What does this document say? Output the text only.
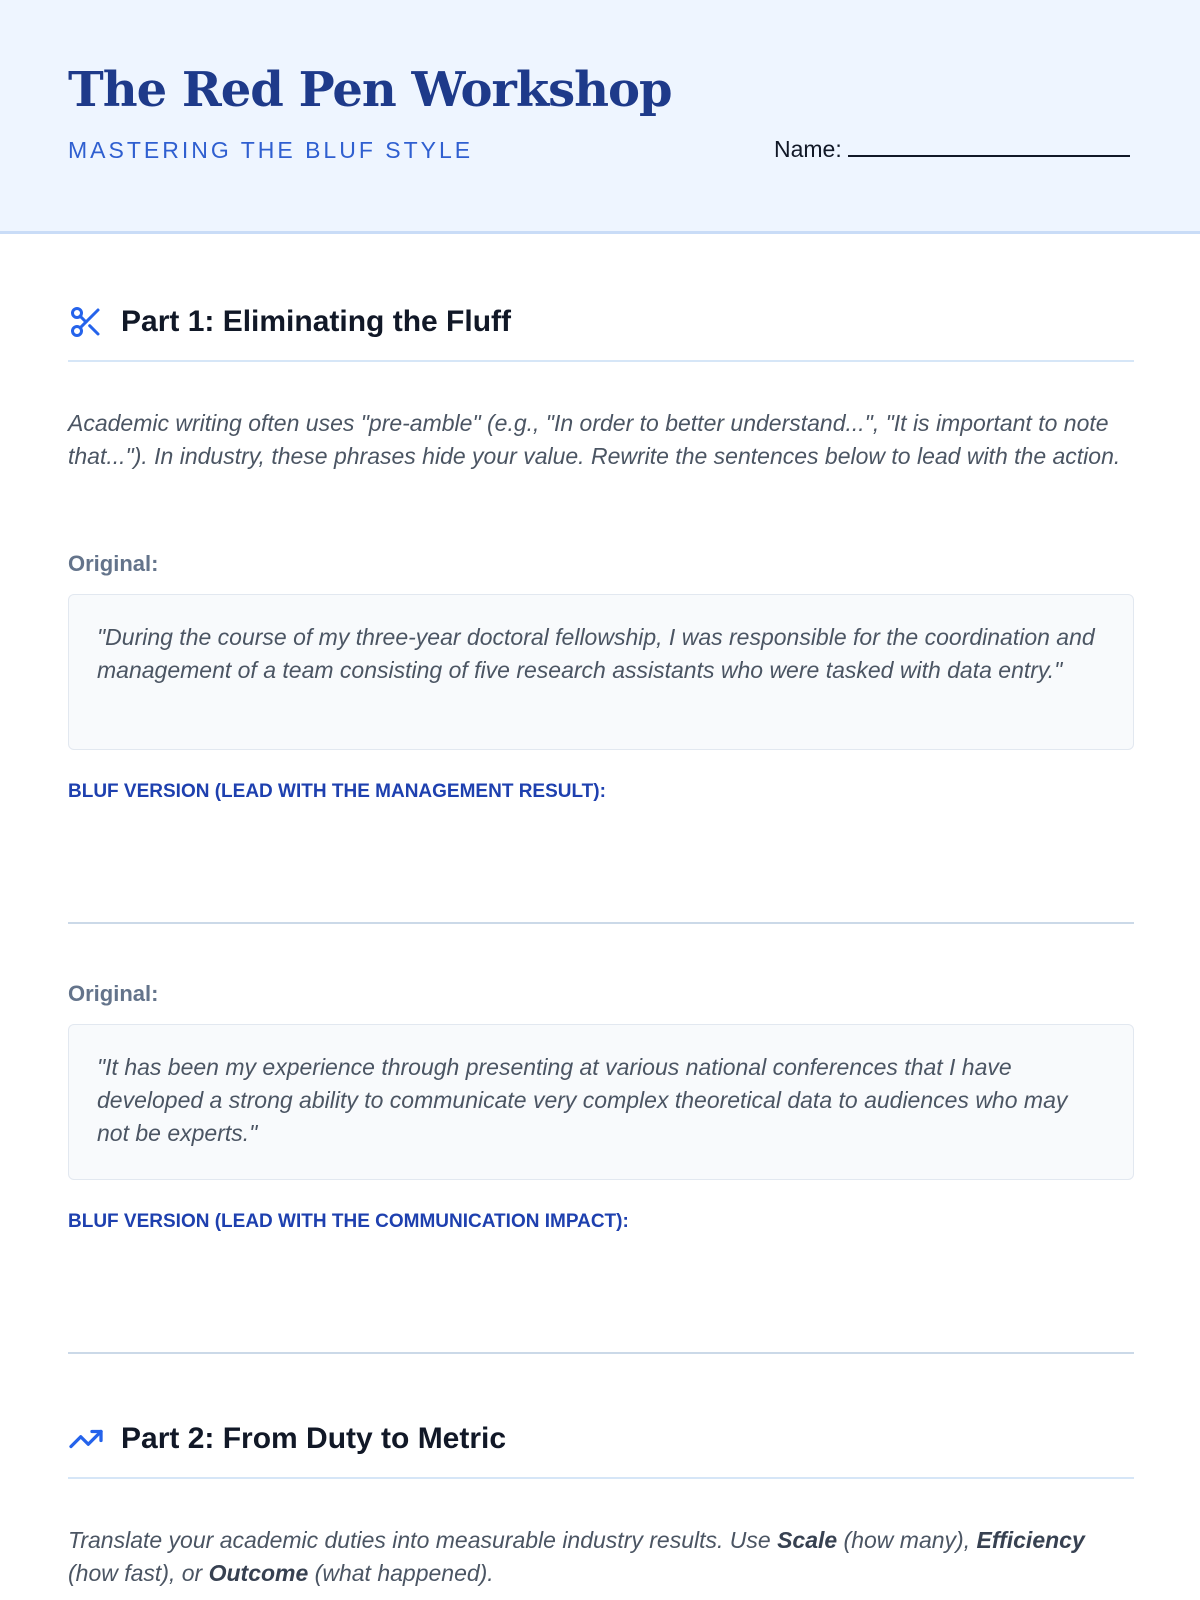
The Red Pen Workshop
MASTERING THE BLUF STYLE	Name:
Part 1: Eliminating the Fluff

Academic writing often uses "pre-amble" (e.g., "In order to better understand...", "It is important to note that..."). In industry, these phrases hide your value. Rewrite the sentences below to lead with the action.

Original:
"During the course of my three-year doctoral fellowship, I was responsible for the coordination and management of a team consisting of five research assistants who were tasked with data entry."
BLUF VERSION (LEAD WITH THE MANAGEMENT RESULT):
Original:
"It has been my experience through presenting at various national conferences that I have developed a strong ability to communicate very complex theoretical data to audiences who may not be experts."
BLUF VERSION (LEAD WITH THE COMMUNICATION IMPACT):
Part 2: From Duty to Metric

Translate your academic duties into measurable industry results. Use Scale (how many), Efficiency (how fast), or Outcome (what happened).
